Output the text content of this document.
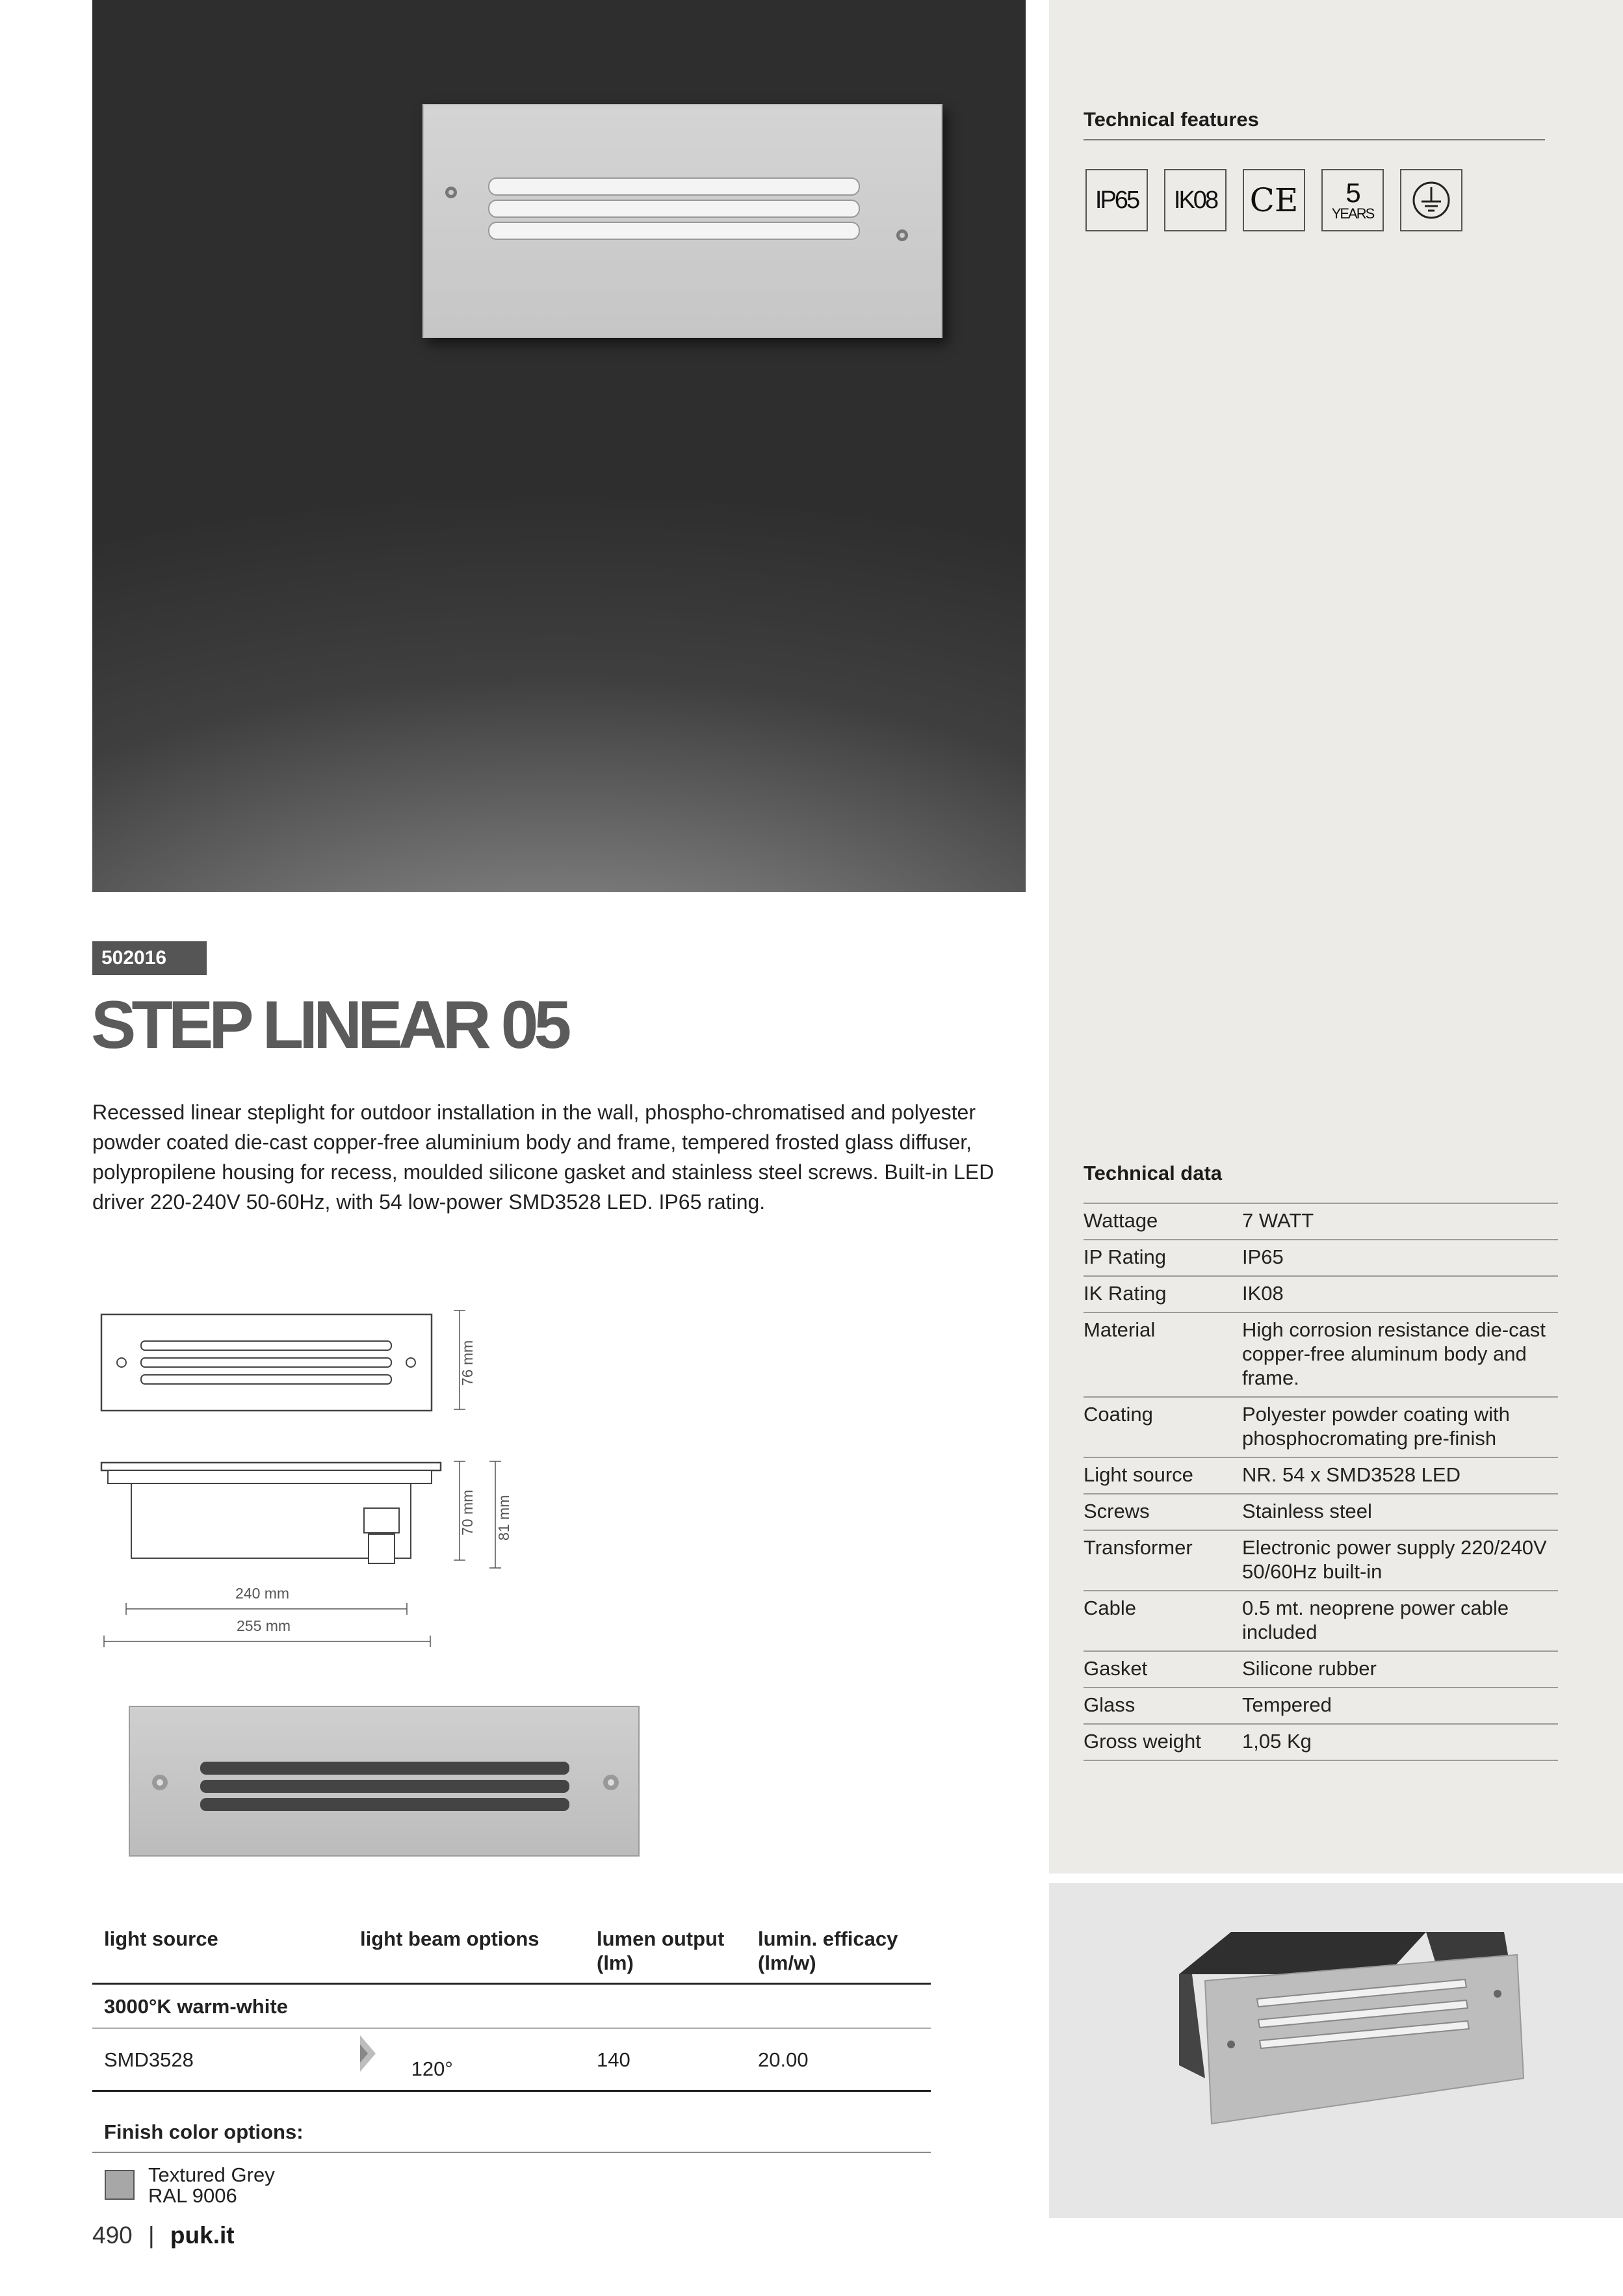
Technical features
IP65	IK08 CE 5
YEARS
Technical data
Wattage	7 WATT
IP Rating	IP65
IK Rating	IK08
Material	High corrosion resistance die-cast copper-free aluminum body and frame.
Coating	Polyester powder coating with phosphocromating pre-finish
Light source	NR. 54 x SMD3528 LED
Screws	Stainless steel
Transformer	Electronic power supply 220/240V 50/60Hz built-in
Cable	0.5 mt. neoprene power cable included
Gasket	Silicone rubber
Glass	Tempered
Gross weight	1,05 Kg
502016
STEP LINEAR 05
Recessed linear steplight for outdoor installation in the wall, phospho-chromatised and polyester powder coated die-cast copper-free aluminium body and frame, tempered frosted glass diffuser, polypropilene housing for recess, moulded silicone gasket and stainless steel screws. Built-in LED driver 220-240V 50-60Hz, with 54 low-power SMD3528 LED. IP65 rating.
76 mm
70 mm 81 mm
240 mm
255 mm
light source	light beam options	lumen output (lm)	lumin. efficacy (lm/w)
3000°K warm-white			
SMD3528	120°	140	20.00
Finish color options:
Textured Grey
RAL 9006
490 | puk.it
